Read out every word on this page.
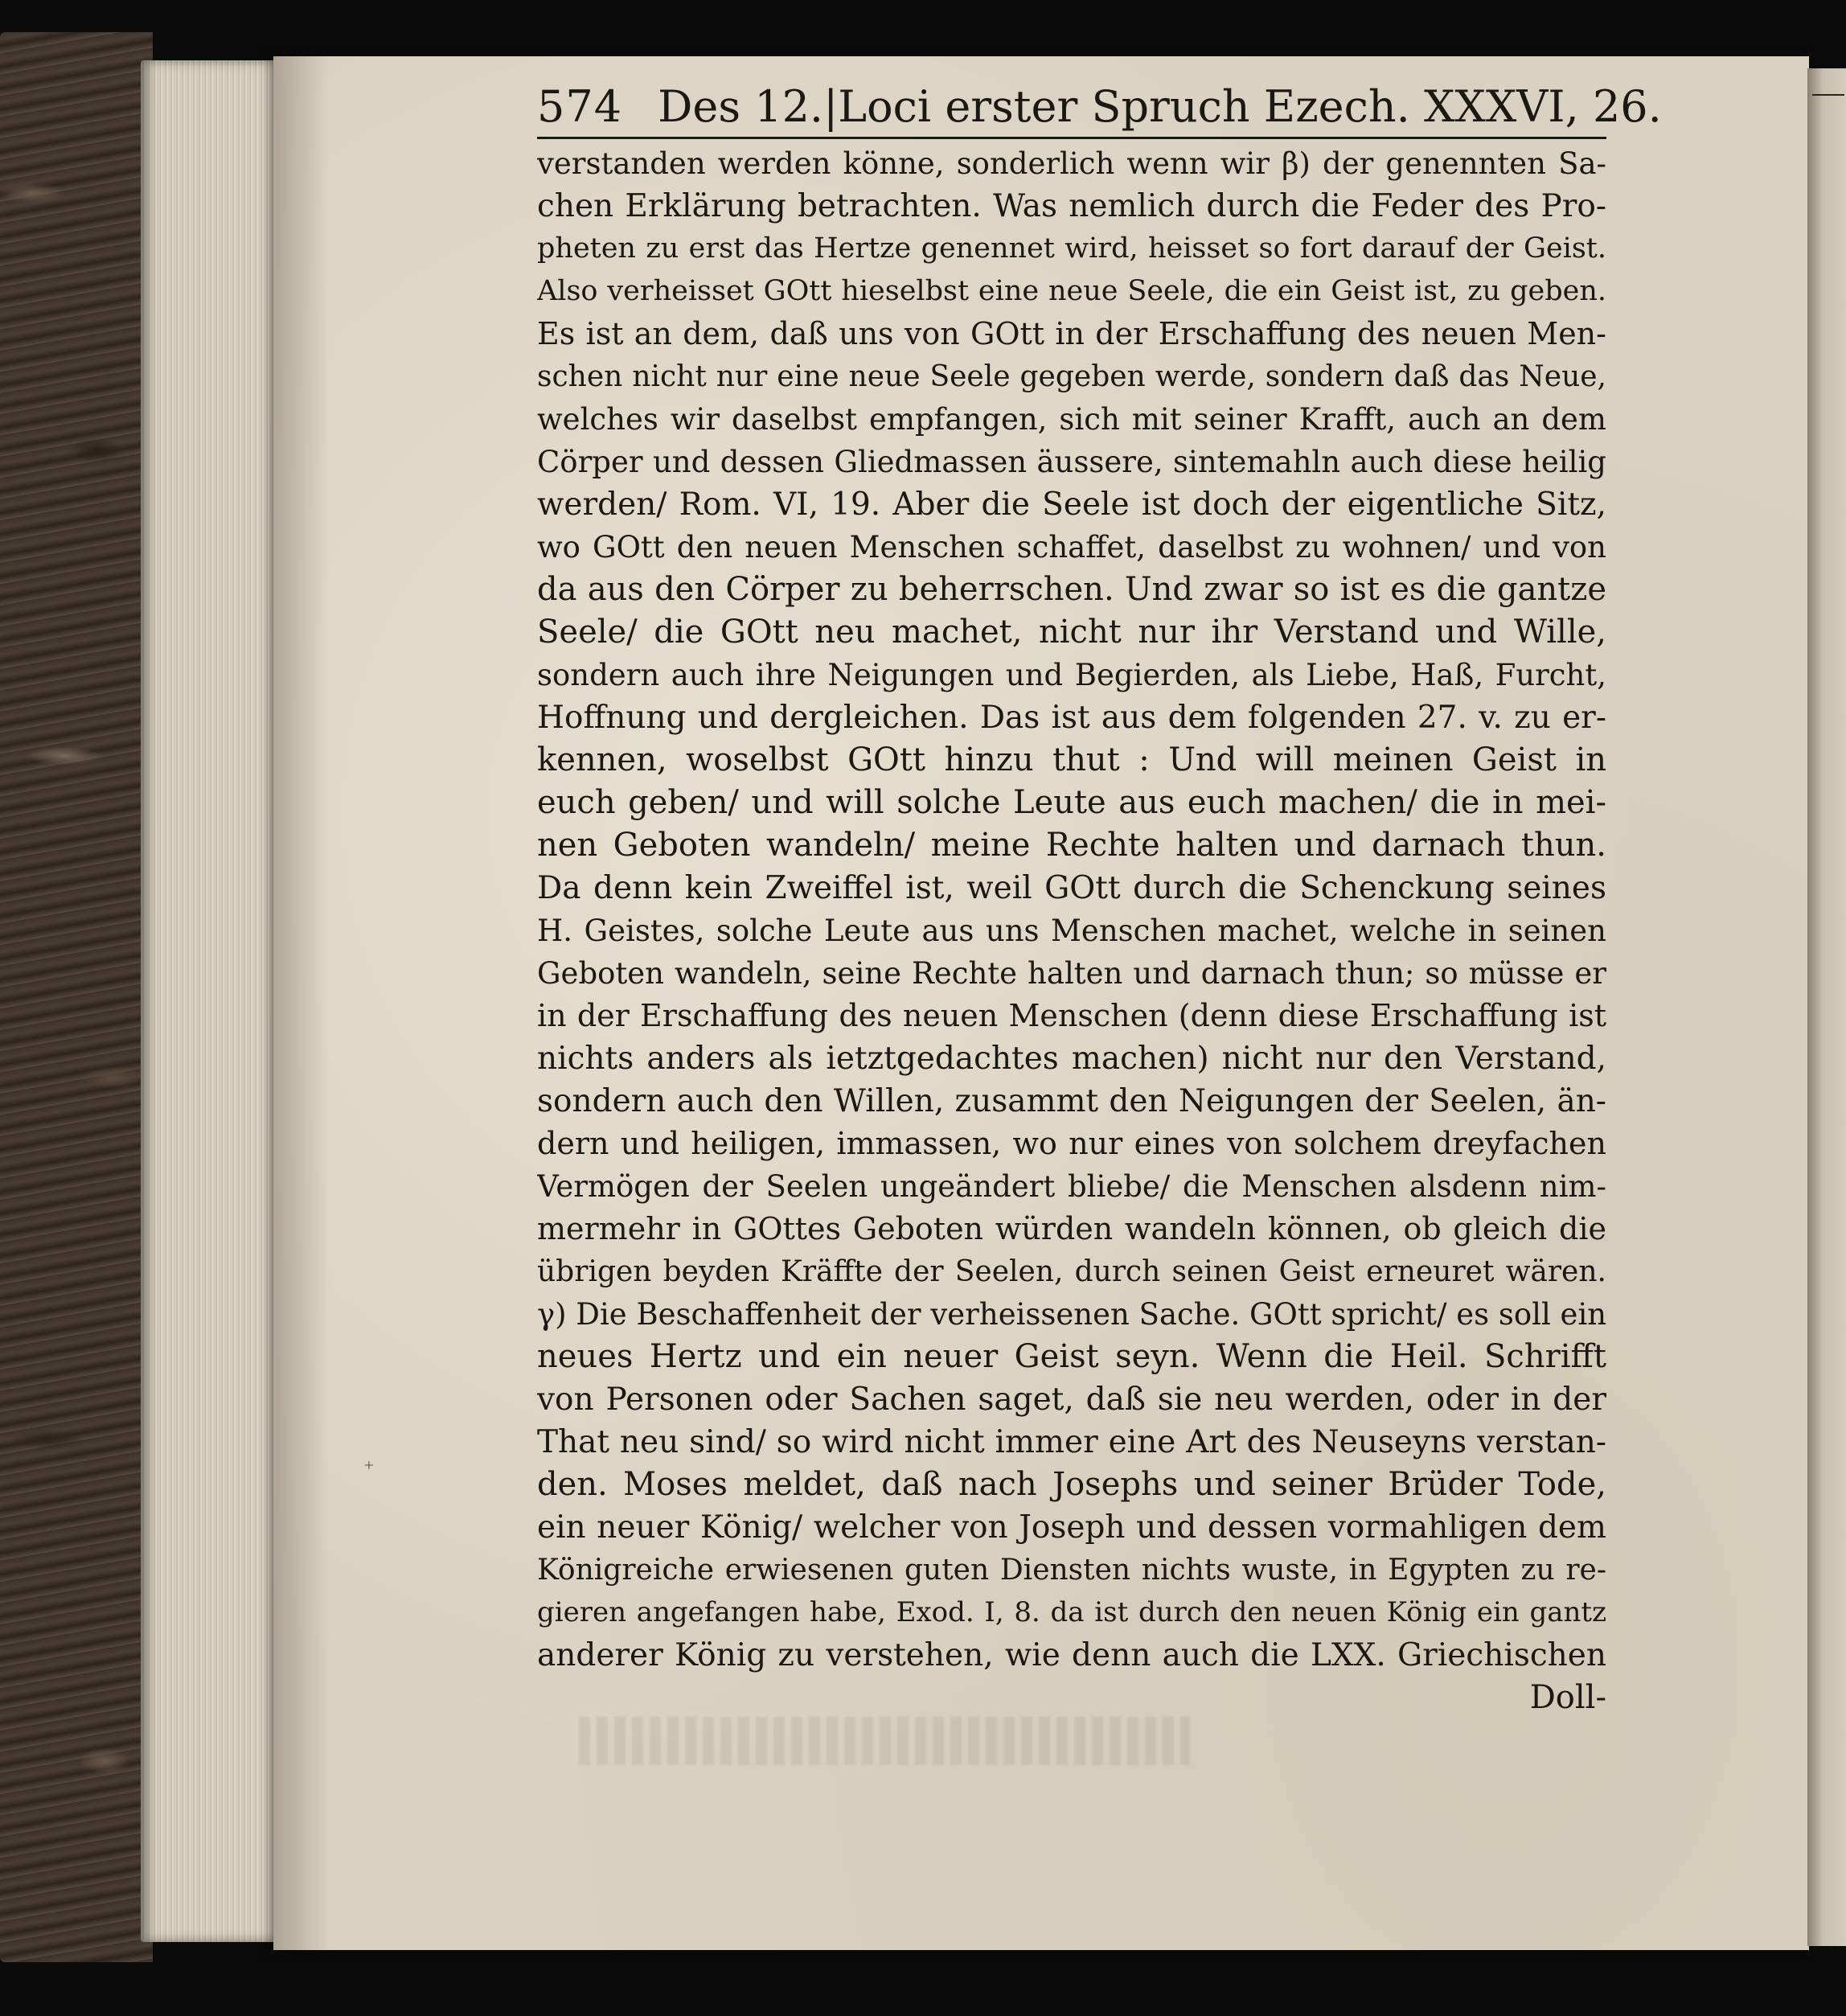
⁺
574 Des 12.|Loci erster Spruch Ezech. XXXVI, 26.
verstanden werden könne, sonderlich wenn wir β) der genennten Sa-
chen Erklärung betrachten. Was nemlich durch die Feder des Pro-
pheten zu erst das Hertze genennet wird, heisset so fort darauf der Geist.
Also verheisset GOtt hieselbst eine neue Seele, die ein Geist ist, zu geben.
Es ist an dem, daß uns von GOtt in der Erschaffung des neuen Men-
schen nicht nur eine neue Seele gegeben werde, sondern daß das Neue,
welches wir daselbst empfangen, sich mit seiner Krafft, auch an dem
Cörper und dessen Gliedmassen äussere, sintemahln auch diese heilig
werden/ Rom. VI, 19. Aber die Seele ist doch der eigentliche Sitz,
wo GOtt den neuen Menschen schaffet, daselbst zu wohnen/ und von
da aus den Cörper zu beherrschen. Und zwar so ist es die gantze
Seele/ die GOtt neu machet, nicht nur ihr Verstand und Wille,
sondern auch ihre Neigungen und Begierden, als Liebe, Haß, Furcht,
Hoffnung und dergleichen. Das ist aus dem folgenden 27. v. zu er-
kennen, woselbst GOtt hinzu thut : Und will meinen Geist in
euch geben/ und will solche Leute aus euch machen/ die in mei-
nen Geboten wandeln/ meine Rechte halten und darnach thun.
Da denn kein Zweiffel ist, weil GOtt durch die Schenckung seines
H. Geistes, solche Leute aus uns Menschen machet, welche in seinen
Geboten wandeln, seine Rechte halten und darnach thun; so müsse er
in der Erschaffung des neuen Menschen (denn diese Erschaffung ist
nichts anders als ietztgedachtes machen) nicht nur den Verstand,
sondern auch den Willen, zusammt den Neigungen der Seelen, än-
dern und heiligen, immassen, wo nur eines von solchem dreyfachen
Vermögen der Seelen ungeändert bliebe/ die Menschen alsdenn nim-
mermehr in GOttes Geboten würden wandeln können, ob gleich die
übrigen beyden Kräffte der Seelen, durch seinen Geist erneuret wären.
γ) Die Beschaffenheit der verheissenen Sache. GOtt spricht/ es soll ein
neues Hertz und ein neuer Geist seyn. Wenn die Heil. Schrifft
von Personen oder Sachen saget, daß sie neu werden, oder in der
That neu sind/ so wird nicht immer eine Art des Neuseyns verstan-
den. Moses meldet, daß nach Josephs und seiner Brüder Tode,
ein neuer König/ welcher von Joseph und dessen vormahligen dem
Königreiche erwiesenen guten Diensten nichts wuste, in Egypten zu re-
gieren angefangen habe, Exod. I, 8. da ist durch den neuen König ein gantz
anderer König zu verstehen, wie denn auch die LXX. Griechischen
Doll-
